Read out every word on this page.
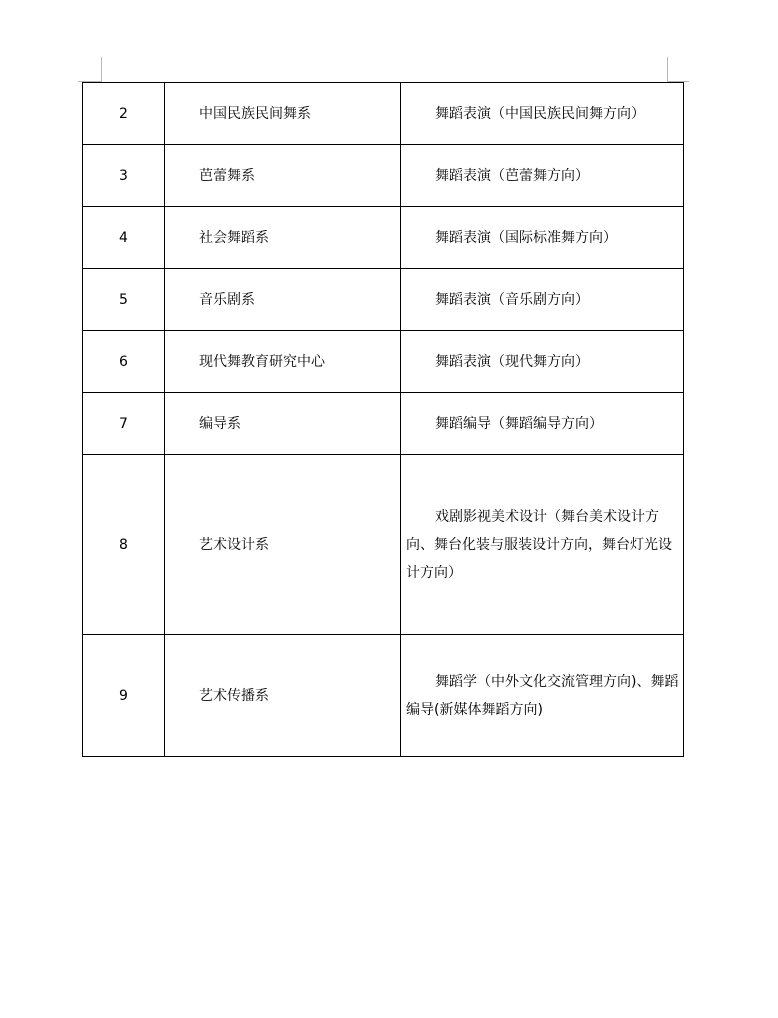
2	中国民族民间舞系	舞蹈表演（中国民族民间舞方向）

3	芭蕾舞系	舞蹈表演（芭蕾舞方向）

4	社会舞蹈系	舞蹈表演（国际标准舞方向）

5	音乐剧系	舞蹈表演（音乐剧方向）

6	现代舞教育研究中心	舞蹈表演（现代舞方向）

7	编导系	舞蹈编导（舞蹈编导方向）

8	艺术设计系	戏剧影视美术设计（舞台美术设计方向、舞台化装与服装设计方向，舞台灯光设计方向）

9	艺术传播系	舞蹈学（中外文化交流管理方向)、舞蹈编导(新媒体舞蹈方向)
